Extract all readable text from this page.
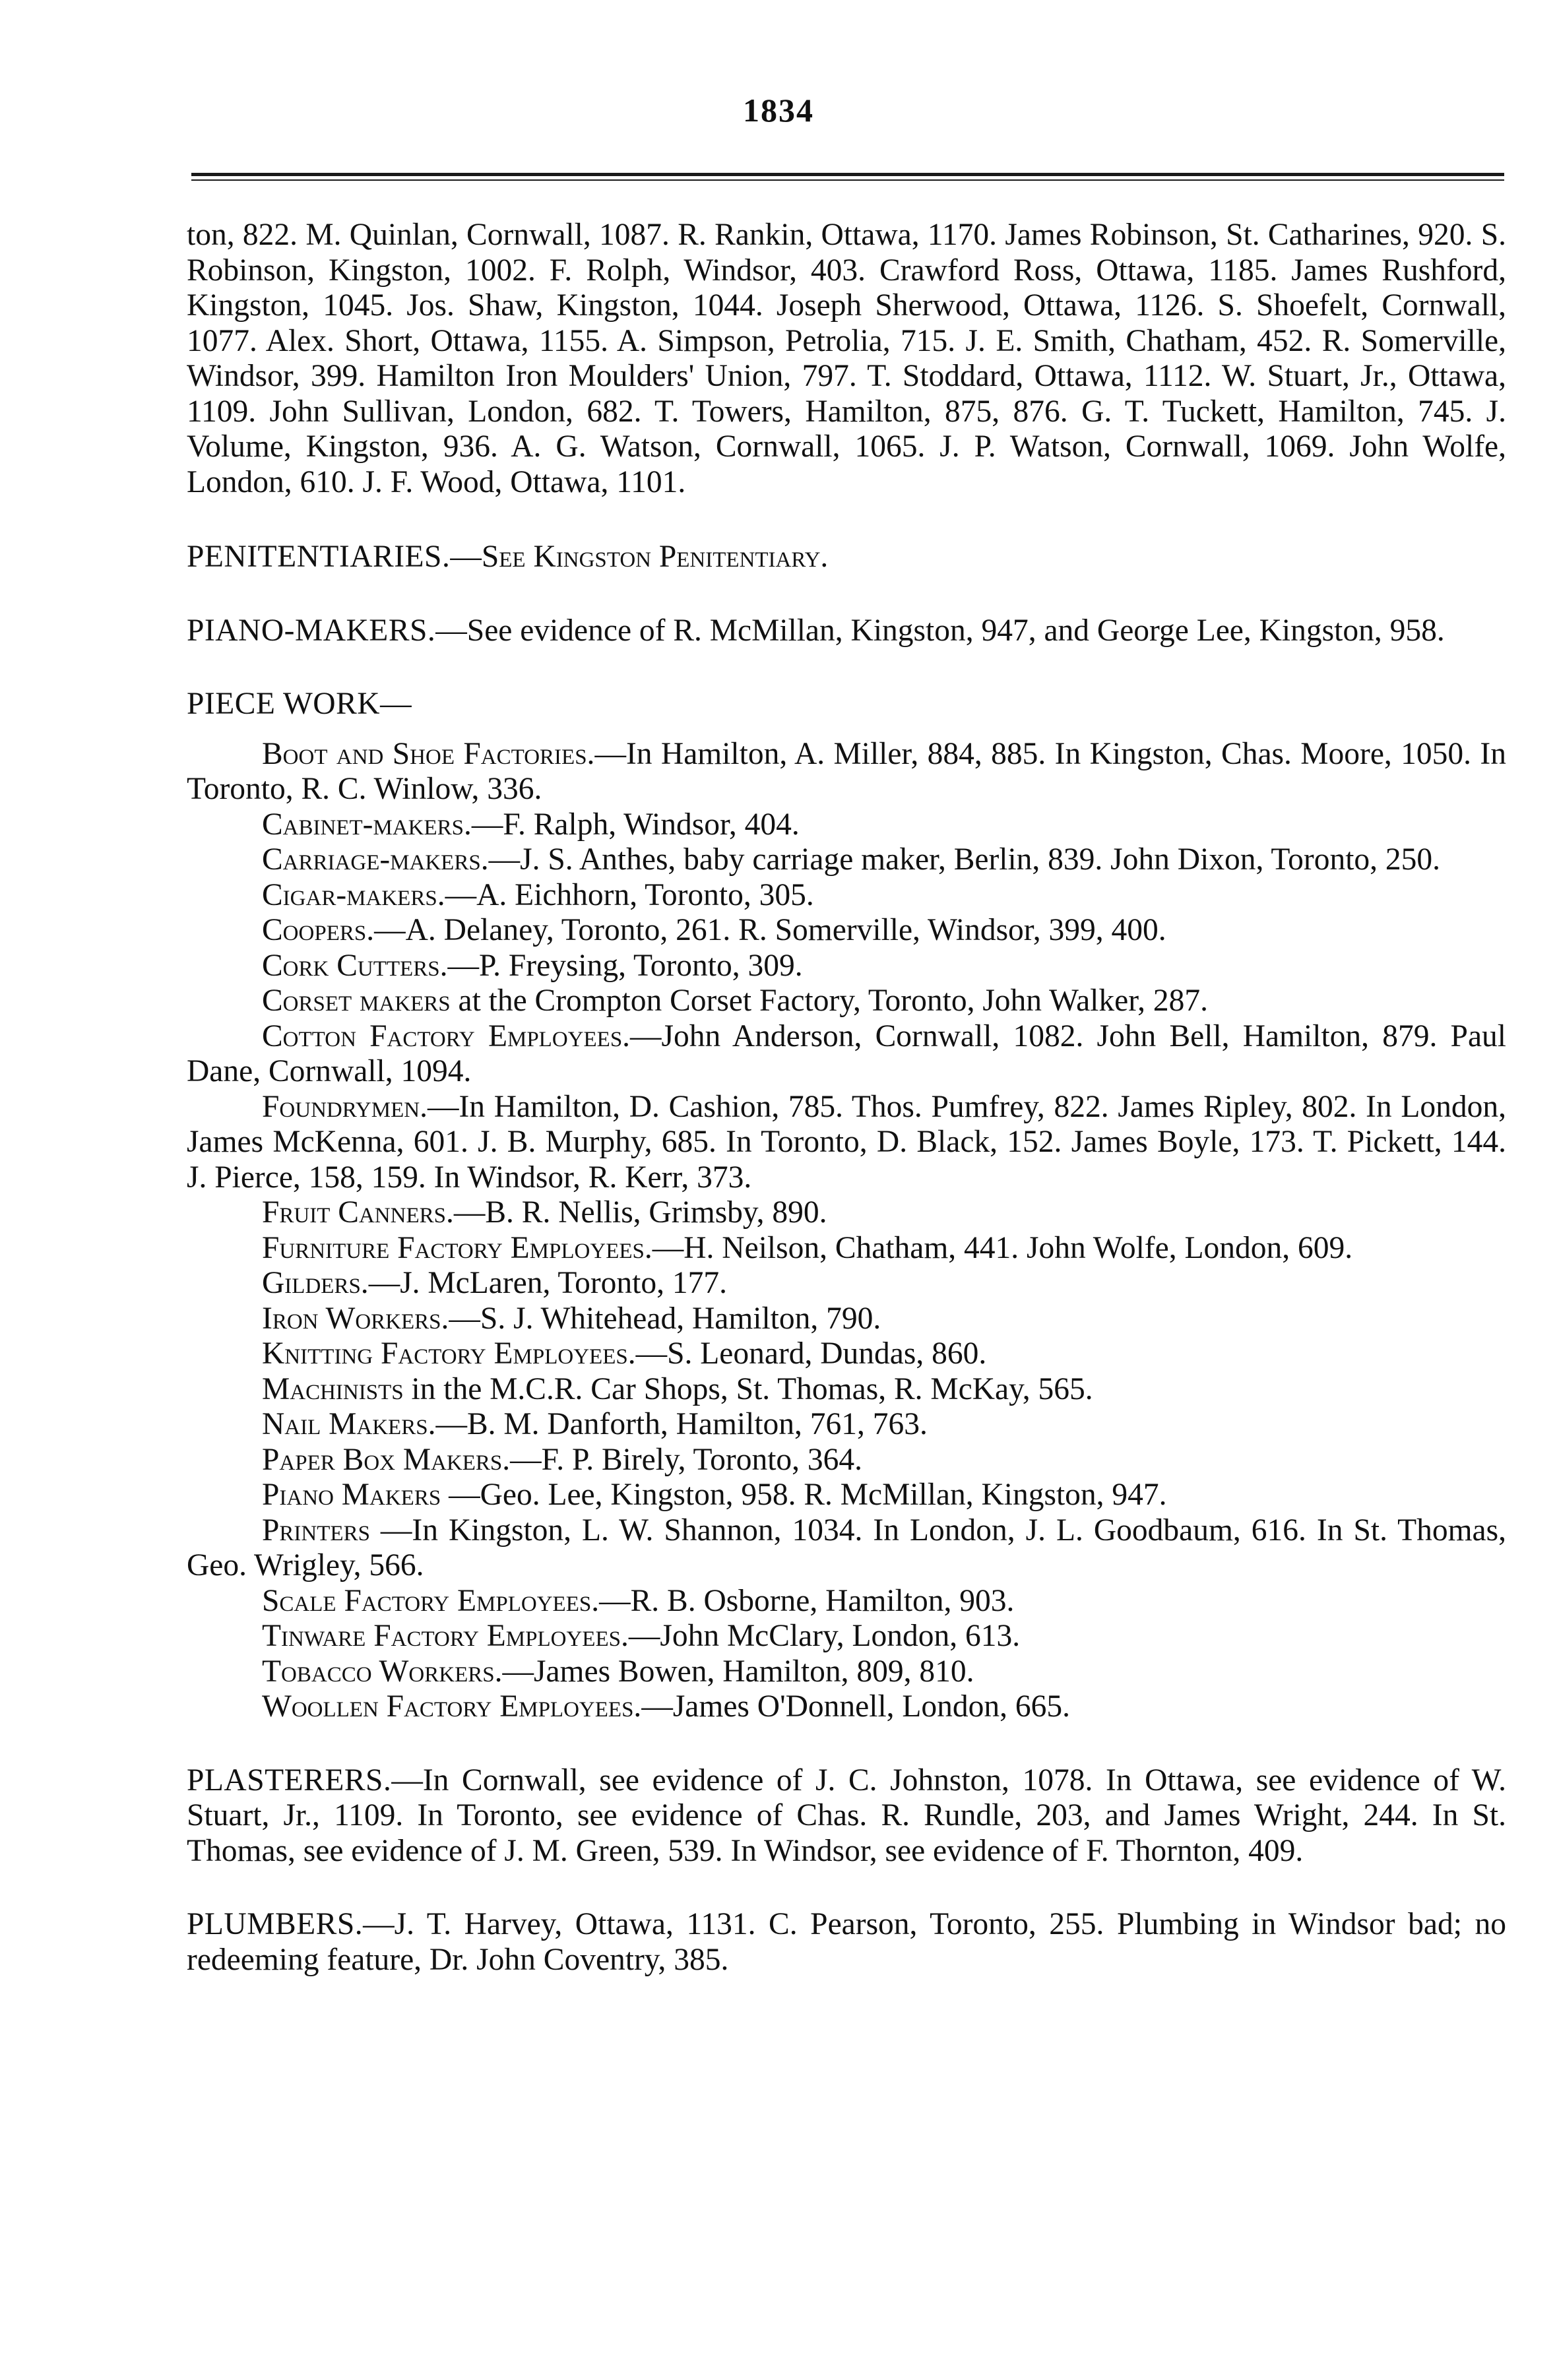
1834

ton, 822. M. Quinlan, Cornwall, 1087. R. Rankin, Ottawa, 1170. James Robinson, St. Catharines, 920. S. Robinson, Kingston, 1002. F. Rolph, Windsor, 403. Crawford Ross, Ottawa, 1185. James Rushford, Kingston, 1045. Jos. Shaw, Kingston, 1044. Joseph Sherwood, Ottawa, 1126. S. Shoefelt, Cornwall, 1077. Alex. Short, Ottawa, 1155. A. Simpson, Petrolia, 715. J. E. Smith, Chatham, 452. R. Somerville, Windsor, 399. Hamilton Iron Moulders' Union, 797. T. Stoddard, Ottawa, 1112. W. Stuart, Jr., Ottawa, 1109. John Sullivan, London, 682. T. Towers, Hamilton, 875, 876. G. T. Tuckett, Hamilton, 745. J. Volume, Kingston, 936. A. G. Watson, Cornwall, 1065. J. P. Watson, Cornwall, 1069. John Wolfe, London, 610. J. F. Wood, Ottawa, 1101.

PENITENTIARIES.—See Kingston Penitentiary.

PIANO-MAKERS.—See evidence of R. McMillan, Kingston, 947, and George Lee, Kingston, 958.

PIECE WORK—

Boot and Shoe Factories.—In Hamilton, A. Miller, 884, 885. In Kingston, Chas. Moore, 1050. In Toronto, R. C. Winlow, 336.

Cabinet-makers.—F. Ralph, Windsor, 404.

Carriage-makers.—J. S. Anthes, baby carriage maker, Berlin, 839. John Dixon, Toronto, 250.

Cigar-makers.—A. Eichhorn, Toronto, 305.

Coopers.—A. Delaney, Toronto, 261. R. Somerville, Windsor, 399, 400.

Cork Cutters.—P. Freysing, Toronto, 309.

Corset makers at the Crompton Corset Factory, Toronto, John Walker, 287.

Cotton Factory Employees.—John Anderson, Cornwall, 1082. John Bell, Hamilton, 879. Paul Dane, Cornwall, 1094.

Foundrymen.—In Hamilton, D. Cashion, 785. Thos. Pumfrey, 822. James Ripley, 802. In London, James McKenna, 601. J. B. Murphy, 685. In Toronto, D. Black, 152. James Boyle, 173. T. Pickett, 144. J. Pierce, 158, 159. In Windsor, R. Kerr, 373.

Fruit Canners.—B. R. Nellis, Grimsby, 890.

Furniture Factory Employees.—H. Neilson, Chatham, 441. John Wolfe, London, 609.

Gilders.—J. McLaren, Toronto, 177.

Iron Workers.—S. J. Whitehead, Hamilton, 790.

Knitting Factory Employees.—S. Leonard, Dundas, 860.

Machinists in the M.C.R. Car Shops, St. Thomas, R. McKay, 565.

Nail Makers.—B. M. Danforth, Hamilton, 761, 763.

Paper Box Makers.—F. P. Birely, Toronto, 364.

Piano Makers —Geo. Lee, Kingston, 958. R. McMillan, Kingston, 947.

Printers —In Kingston, L. W. Shannon, 1034. In London, J. L. Goodbaum, 616. In St. Thomas, Geo. Wrigley, 566.

Scale Factory Employees.—R. B. Osborne, Hamilton, 903.

Tinware Factory Employees.—John McClary, London, 613.

Tobacco Workers.—James Bowen, Hamilton, 809, 810.

Woollen Factory Employees.—James O'Donnell, London, 665.

PLASTERERS.—In Cornwall, see evidence of J. C. Johnston, 1078. In Ottawa, see evidence of W. Stuart, Jr., 1109. In Toronto, see evidence of Chas. R. Rundle, 203, and James Wright, 244. In St. Thomas, see evidence of J. M. Green, 539. In Windsor, see evidence of F. Thornton, 409.

PLUMBERS.—J. T. Harvey, Ottawa, 1131. C. Pearson, Toronto, 255. Plumbing in Windsor bad; no redeeming feature, Dr. John Coventry, 385.
